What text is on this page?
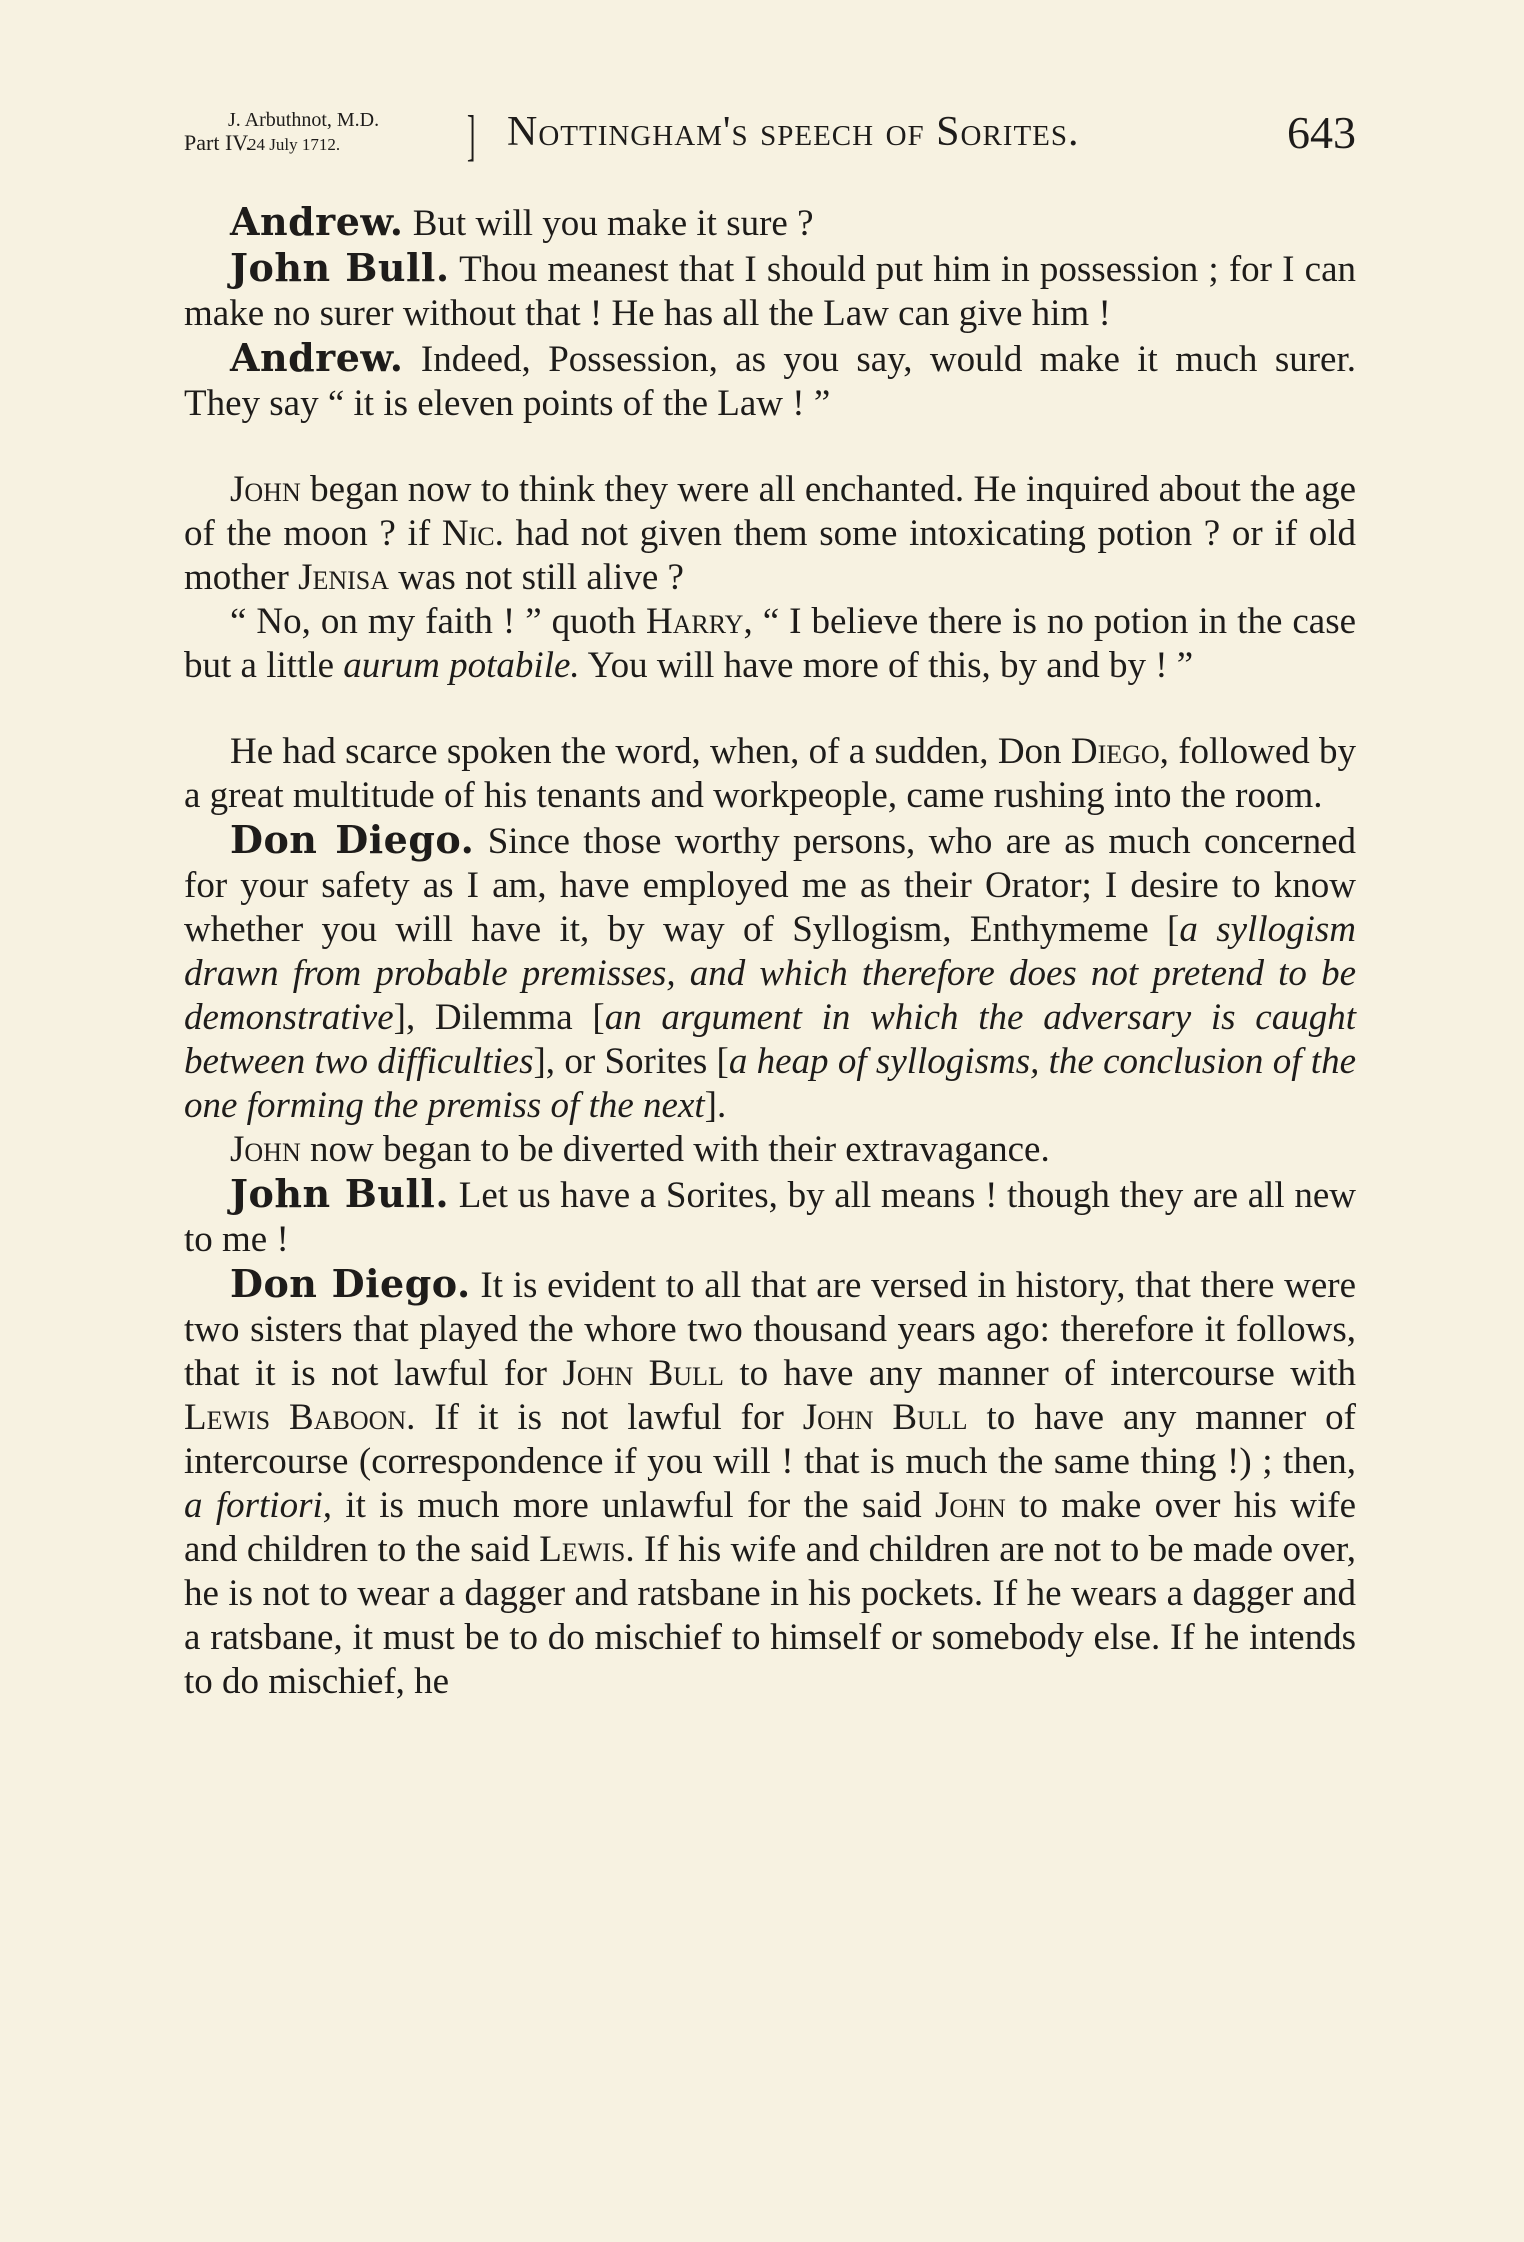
J. Arbuthnot, M.D.
Part IV.
24 July 1712. ] Nottingham's speech of Sorites.	643

Andrew. But will you make it sure ?

John Bull. Thou meanest that I should put him in possession ; for I can make no surer without that ! He has all the Law can give him !

Andrew. Indeed, Possession, as you say, would make it much surer. They say “ it is eleven points of the Law ! ”

John began now to think they were all enchanted. He inquired about the age of the moon ? if Nic. had not given them some intoxicating potion ? or if old mother Jenisa was not still alive ?

“ No, on my faith ! ” quoth Harry, “ I believe there is no potion in the case but a little aurum potabile. You will have more of this, by and by ! ”

He had scarce spoken the word, when, of a sudden, Don Diego, followed by a great multitude of his tenants and workpeople, came rushing into the room.

Don Diego. Since those worthy persons, who are as much concerned for your safety as I am, have employed me as their Orator; I desire to know whether you will have it, by way of Syllogism, Enthymeme [a syllogism drawn from probable premisses, and which therefore does not pretend to be demonstrative], Dilemma [an argument in which the adversary is caught between two difficulties], or Sorites [a heap of syllogisms, the conclusion of the one forming the premiss of the next].

John now began to be diverted with their extravagance.

John Bull. Let us have a Sorites, by all means ! though they are all new to me !

Don Diego. It is evident to all that are versed in history, that there were two sisters that played the whore two thousand years ago: therefore it follows, that it is not lawful for John Bull to have any manner of intercourse with Lewis Baboon. If it is not lawful for John Bull to have any manner of intercourse (correspondence if you will ! that is much the same thing !) ; then, a fortiori, it is much more unlawful for the said John to make over his wife and children to the said Lewis. If his wife and children are not to be made over, he is not to wear a dagger and ratsbane in his pockets. If he wears a dagger and a ratsbane, it must be to do mischief to himself or somebody else. If he intends to do mischief, he
